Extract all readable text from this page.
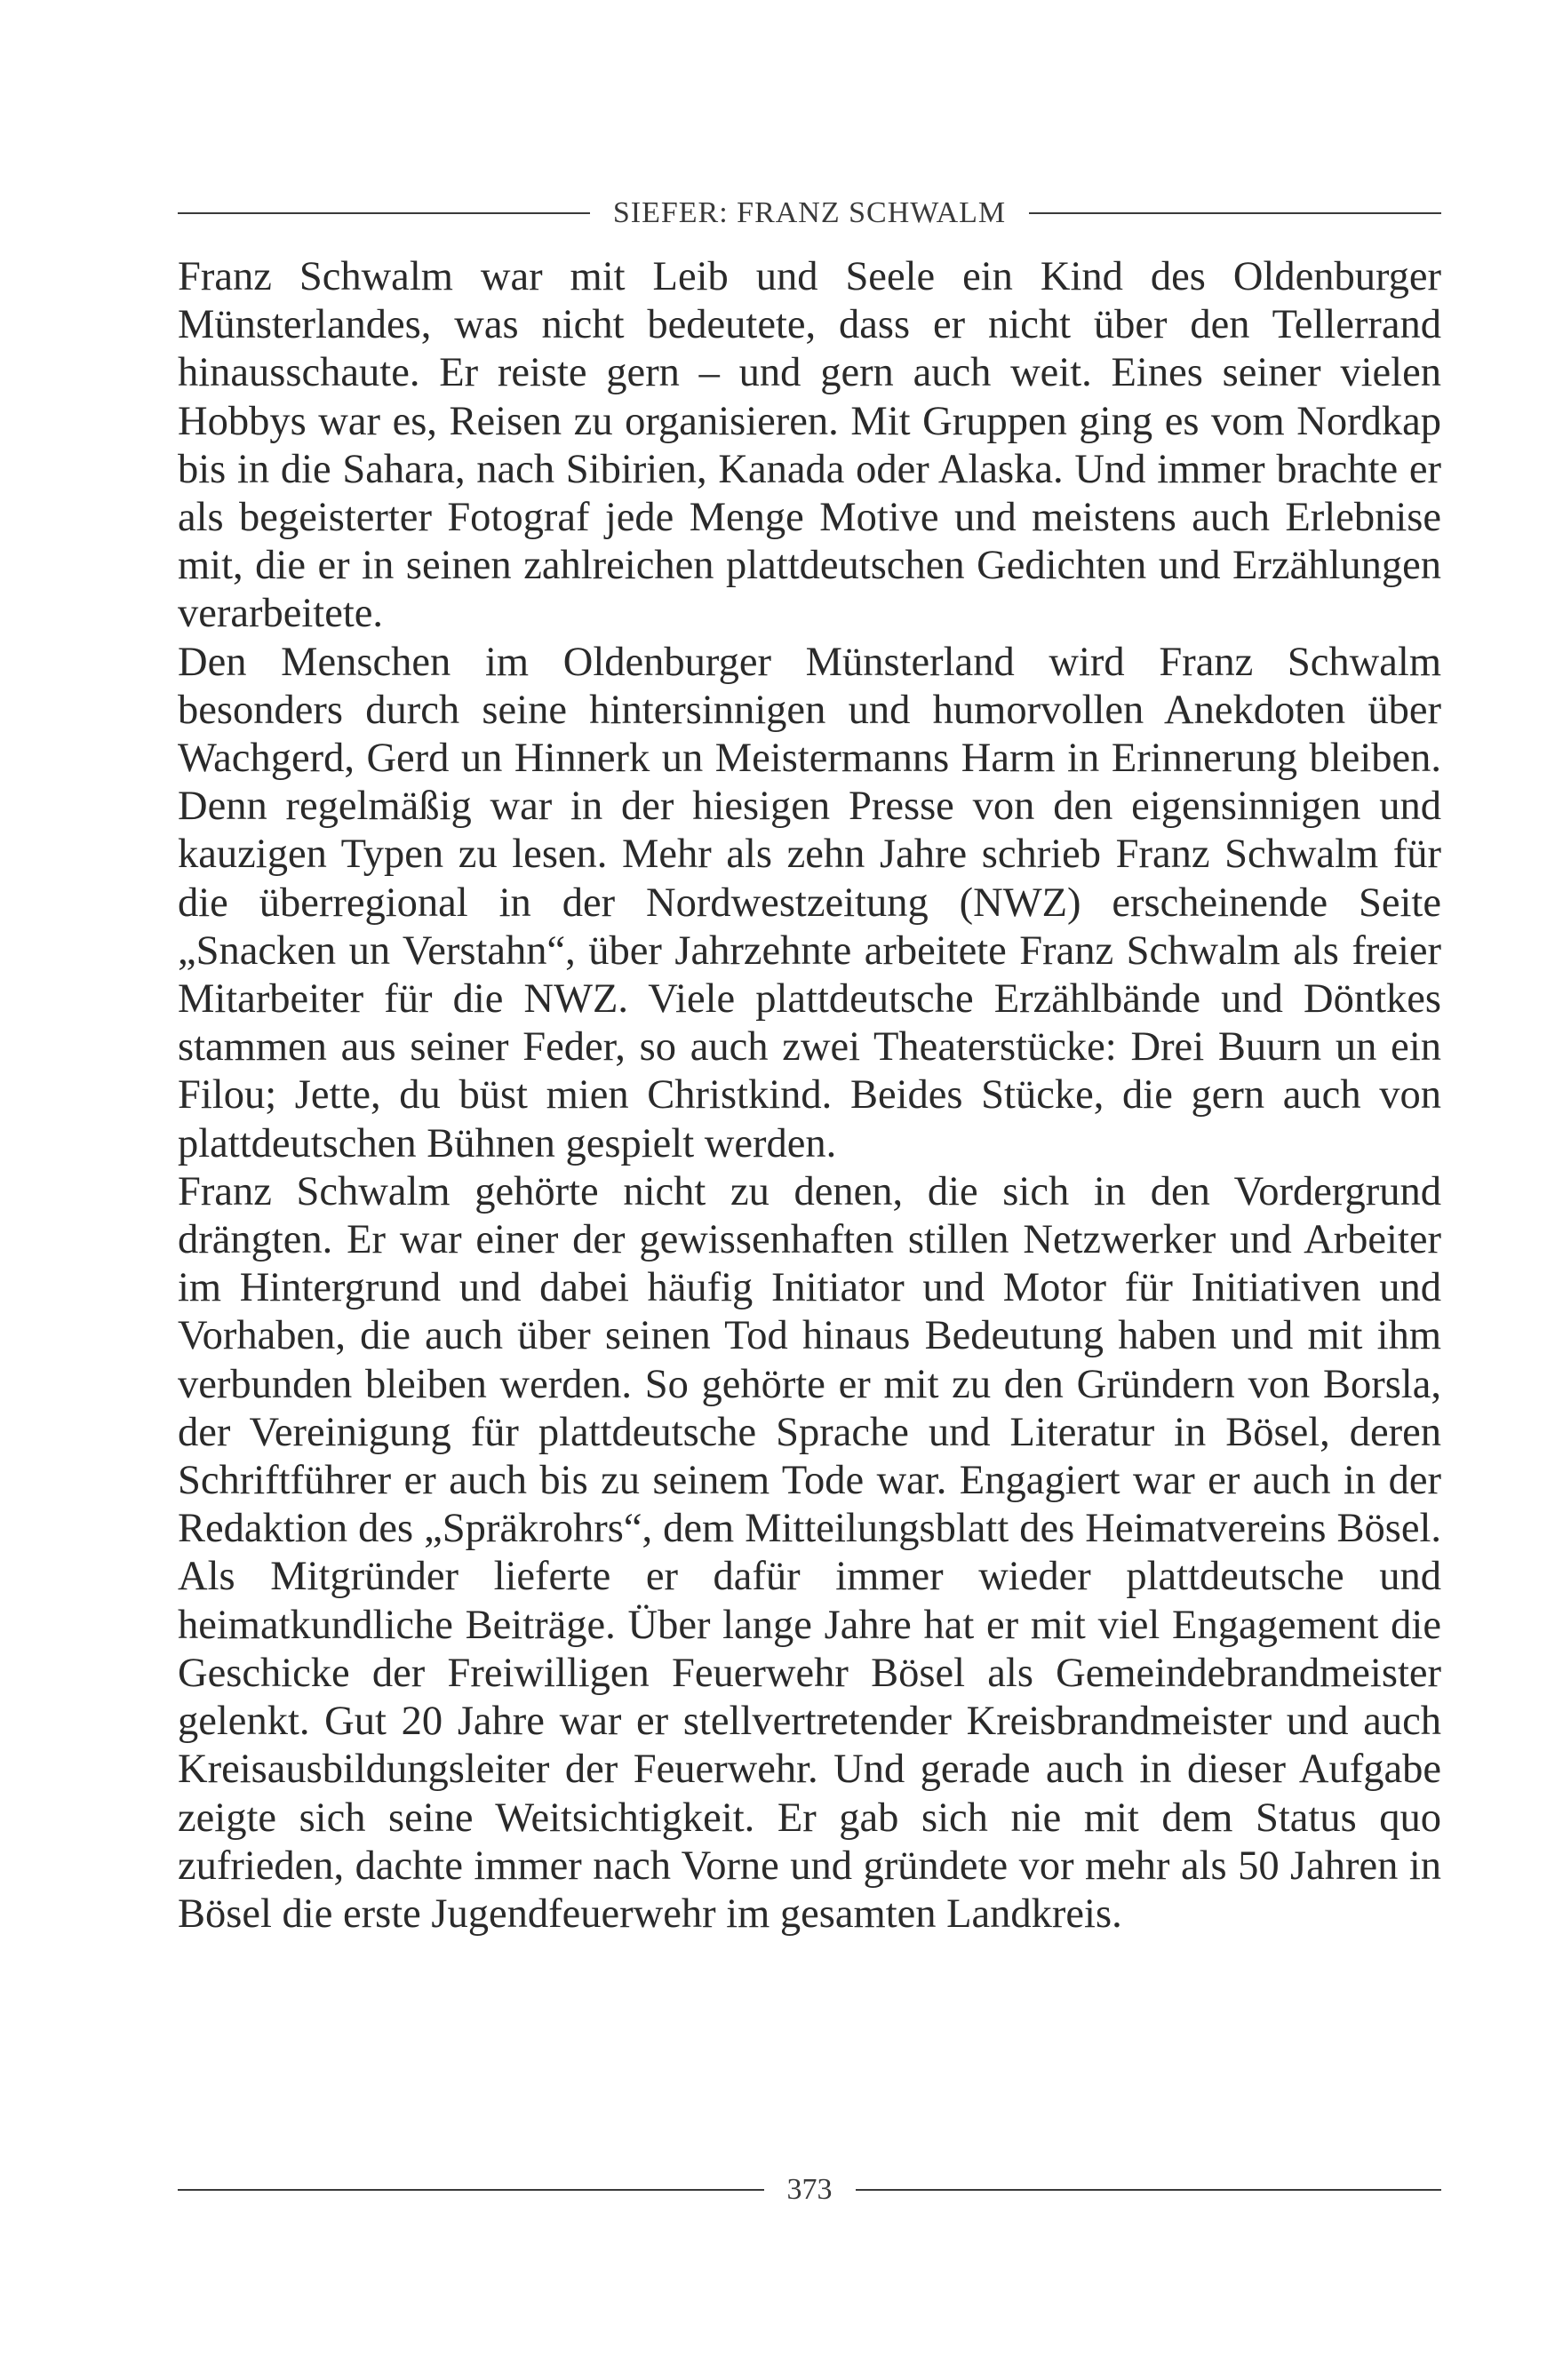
SIEFER: FRANZ SCHWALM

Franz Schwalm war mit Leib und Seele ein Kind des Oldenburger Münsterlandes, was nicht bedeutete, dass er nicht über den Tellerrand hinausschaute. Er reiste gern – und gern auch weit. Eines seiner vielen Hobbys war es, Reisen zu organisieren. Mit Gruppen ging es vom Nordkap bis in die Sahara, nach Sibirien, Kanada oder Alaska. Und immer brachte er als begeisterter Fotograf jede Menge Motive und meistens auch Erlebnise mit, die er in seinen zahlreichen plattdeutschen Gedichten und Erzählungen verarbeitete.

Den Menschen im Oldenburger Münsterland wird Franz Schwalm besonders durch seine hintersinnigen und humorvollen Anekdoten über Wachgerd, Gerd un Hinnerk un Meistermanns Harm in Erinnerung bleiben. Denn regelmäßig war in der hiesigen Presse von den eigensinnigen und kauzigen Typen zu lesen. Mehr als zehn Jahre schrieb Franz Schwalm für die überregional in der Nordwestzeitung (NWZ) erscheinende Seite „Snacken un Verstahn“, über Jahrzehnte arbeitete Franz Schwalm als freier Mitarbeiter für die NWZ. Viele plattdeutsche Erzählbände und Döntkes stammen aus seiner Feder, so auch zwei Theaterstücke: Drei Buurn un ein Filou; Jette, du büst mien Christkind. Beides Stücke, die gern auch von plattdeutschen Bühnen gespielt werden.

Franz Schwalm gehörte nicht zu denen, die sich in den Vordergrund drängten. Er war einer der gewissenhaften stillen Netzwerker und Arbeiter im Hintergrund und dabei häufig Initiator und Motor für Initiativen und Vorhaben, die auch über seinen Tod hinaus Bedeutung haben und mit ihm verbunden bleiben werden. So gehörte er mit zu den Gründern von Borsla, der Vereinigung für plattdeutsche Sprache und Literatur in Bösel, deren Schriftführer er auch bis zu seinem Tode war. Engagiert war er auch in der Redaktion des „Spräkrohrs“, dem Mitteilungsblatt des Heimatvereins Bösel. Als Mitgründer lieferte er dafür immer wieder plattdeutsche und heimatkundliche Beiträge. Über lange Jahre hat er mit viel Engagement die Geschicke der Freiwilligen Feuerwehr Bösel als Gemeindebrandmeister gelenkt. Gut 20 Jahre war er stellvertretender Kreisbrandmeister und auch Kreisausbildungsleiter der Feuerwehr. Und gerade auch in dieser Aufgabe zeigte sich seine Weitsichtigkeit. Er gab sich nie mit dem Status quo zufrieden, dachte immer nach Vorne und gründete vor mehr als 50 Jahren in Bösel die erste Jugendfeuerwehr im gesamten Landkreis.

373
